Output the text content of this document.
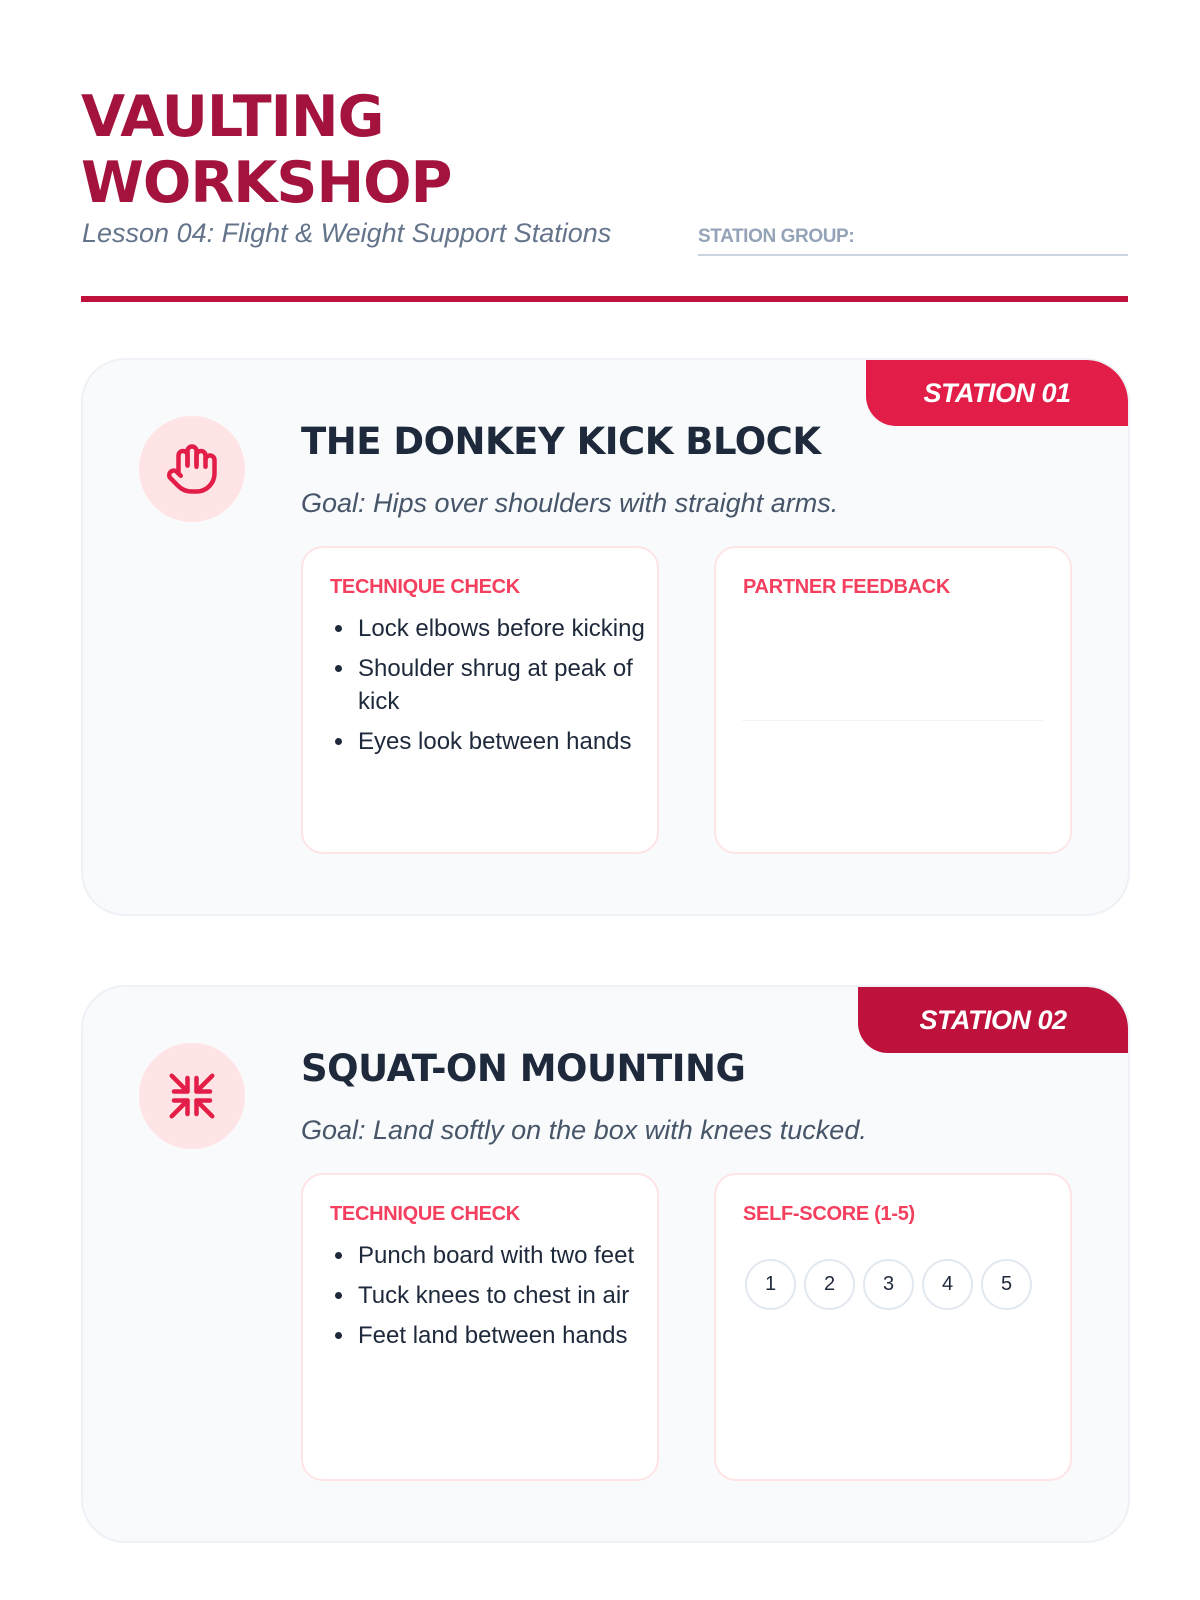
VAULTING
WORKSHOP

Lesson 04: Flight & Weight Support Stations	STATION GROUP:
STATION 01
THE DONKEY KICK BLOCK

Goal: Hips over shoulders with straight arms.

TECHNIQUE CHECK

• Lock elbows before kicking
• Shoulder shrug at peak of kick
• Eyes look between hands

PARTNER FEEDBACK

STATION 02
SQUAT-ON MOUNTING

Goal: Land softly on the box with knees tucked.

TECHNIQUE CHECK

• Punch board with two feet
• Tuck knees to chest in air
• Feet land between hands

SELF-SCORE (1-5)

1	2	3	4	5
